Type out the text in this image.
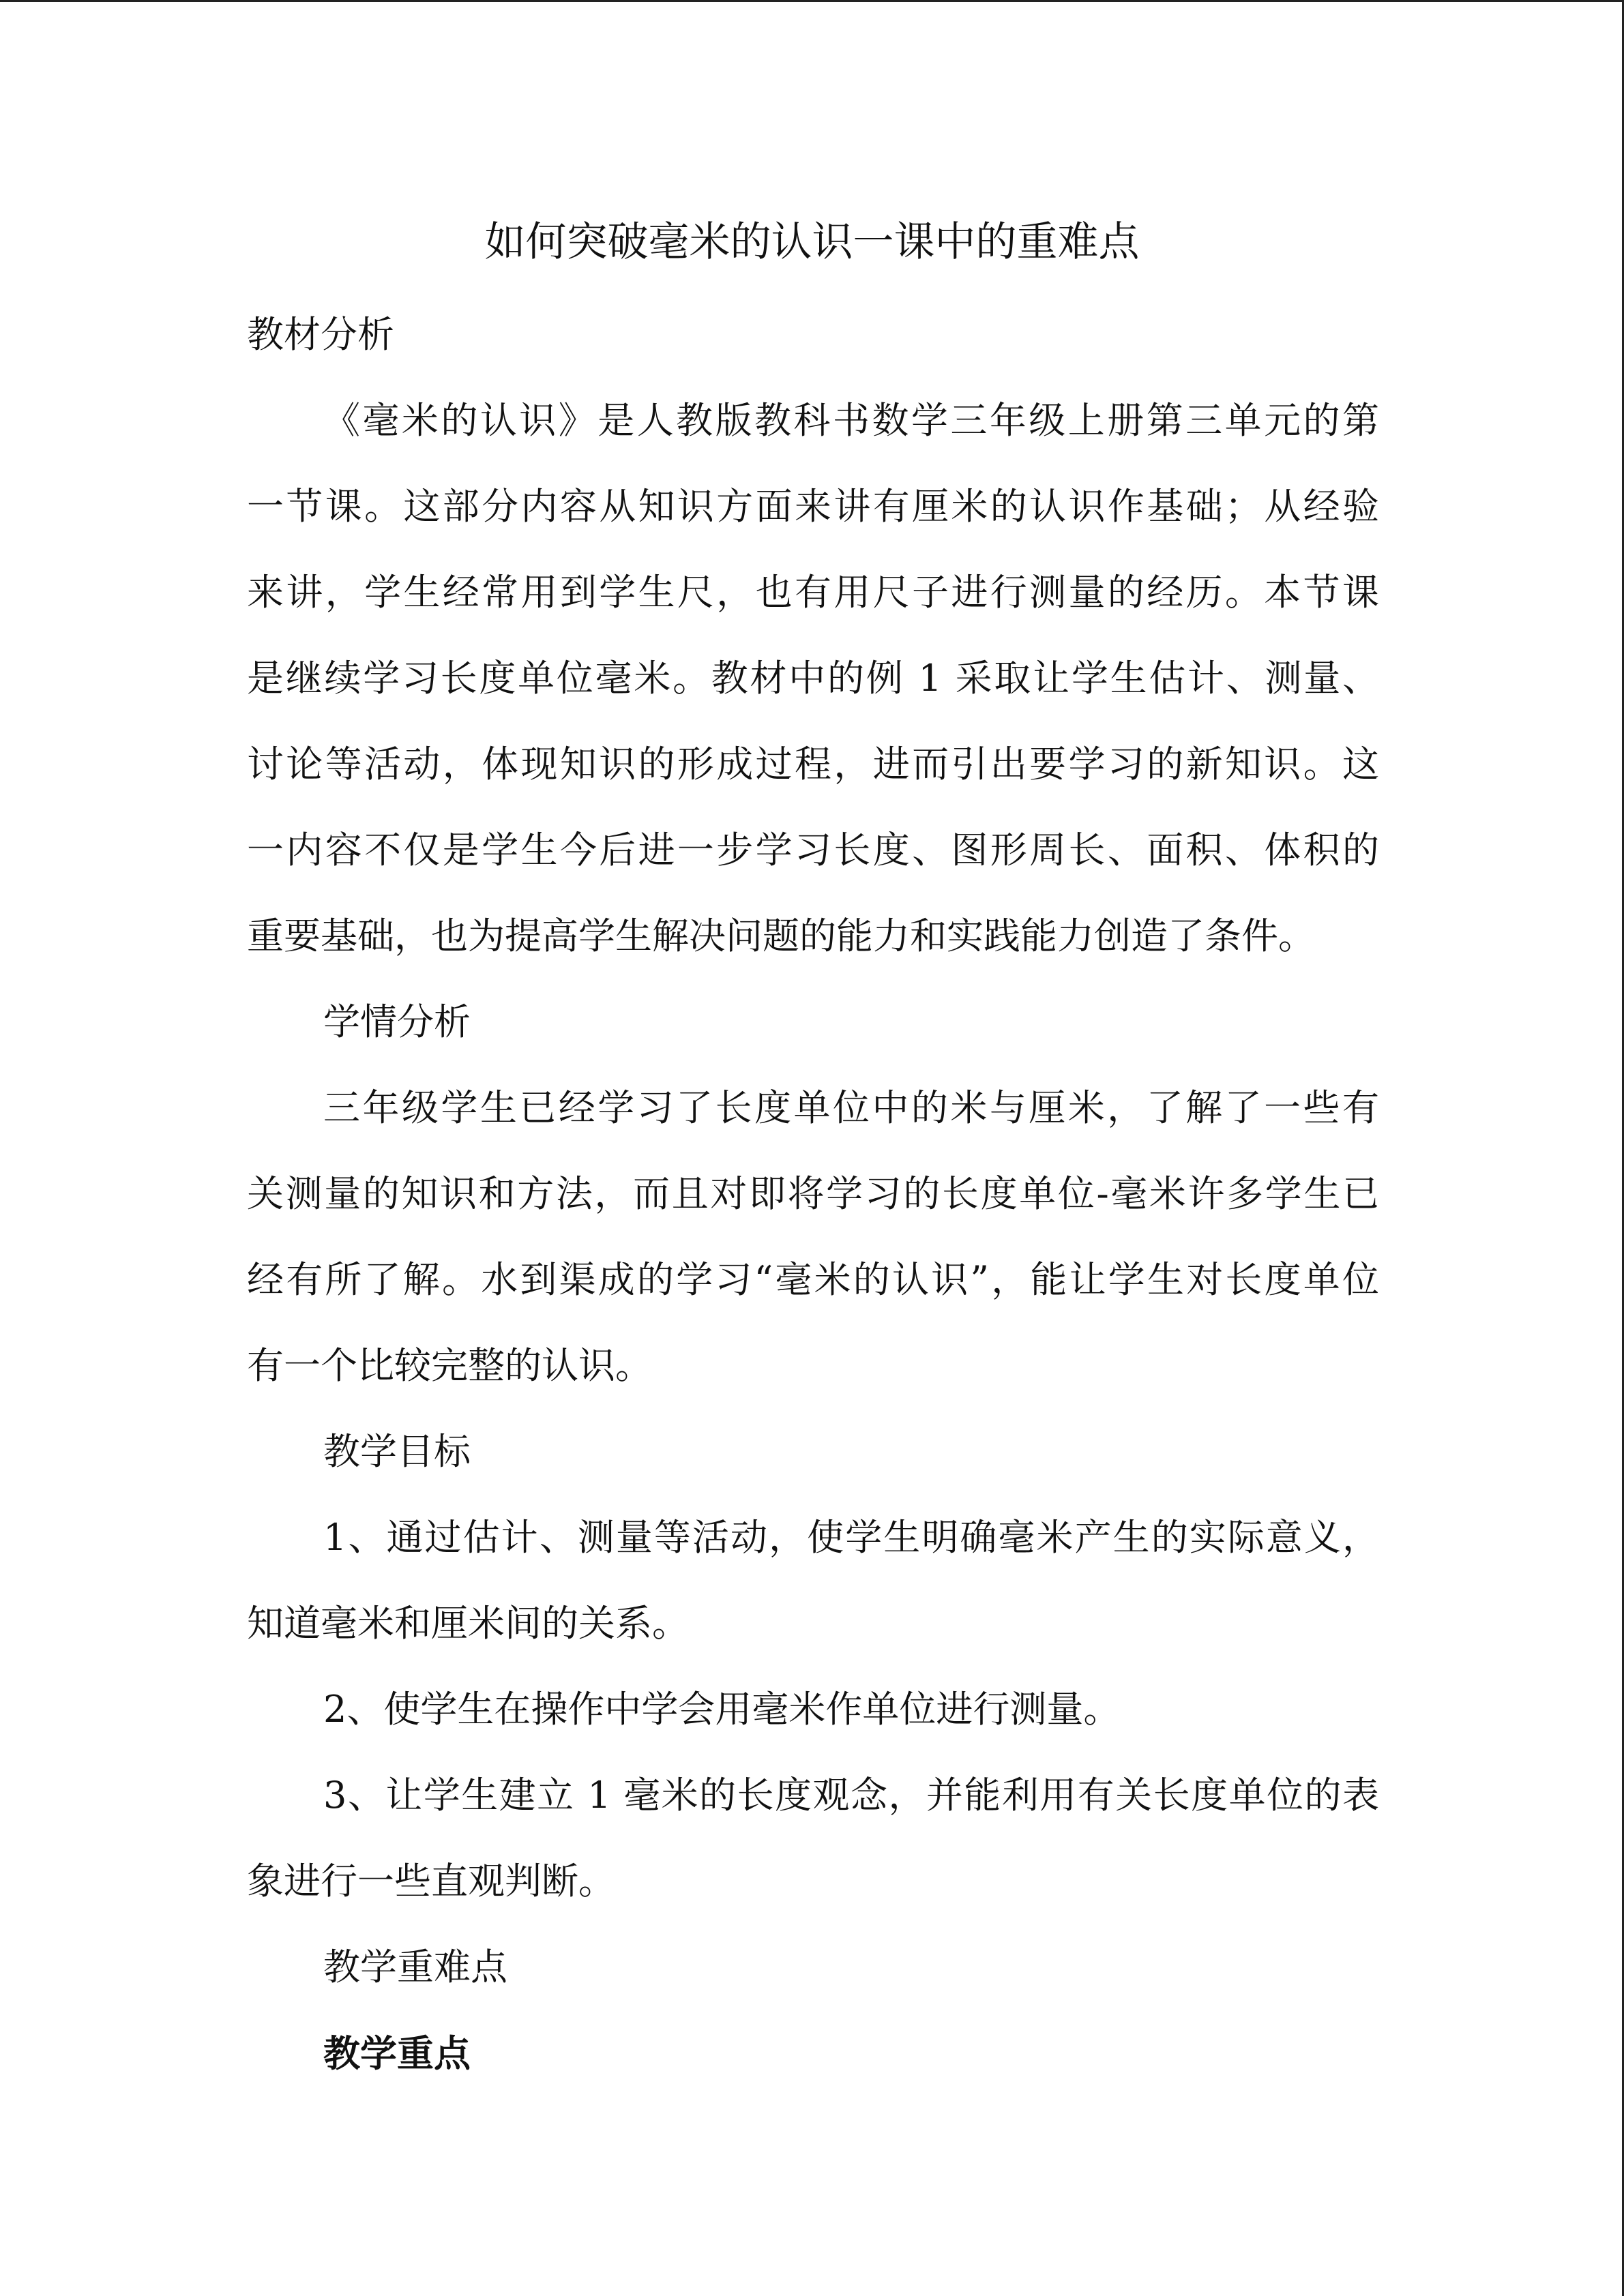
如何突破毫米的认识一课中的重难点
教材分析
《毫米的认识》是人教版教科书数学三年级上册第三单元的第
一节课。这部分内容从知识方面来讲有厘米的认识作基础；从经验
来讲，学生经常用到学生尺，也有用尺子进行测量的经历。本节课
是继续学习长度单位毫米。教材中的例 1 采取让学生估计、测量、
讨论等活动，体现知识的形成过程，进而引出要学习的新知识。这
一内容不仅是学生今后进一步学习长度、图形周长、面积、体积的
重要基础，也为提高学生解决问题的能力和实践能力创造了条件。
学情分析
三年级学生已经学习了长度单位中的米与厘米，了解了一些有
关测量的知识和方法，而且对即将学习的长度单位-毫米许多学生已
经有所了解。水到渠成的学习“毫米的认识”，能让学生对长度单位
有一个比较完整的认识。
教学目标
1、通过估计、测量等活动，使学生明确毫米产生的实际意义，
知道毫米和厘米间的关系。
2、使学生在操作中学会用毫米作单位进行测量。
3、让学生建立 1 毫米的长度观念，并能利用有关长度单位的表
象进行一些直观判断。
教学重难点
教学重点
